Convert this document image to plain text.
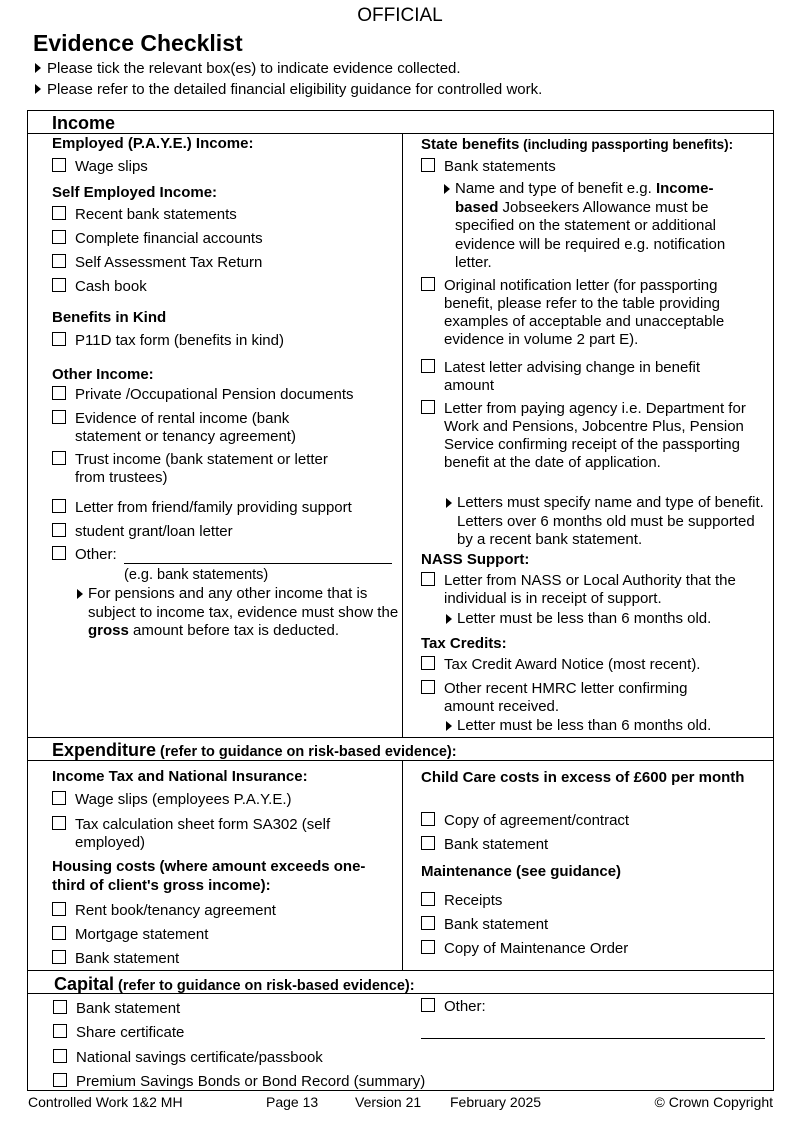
OFFICIAL
Evidence Checklist
Please tick the relevant box(es) to indicate evidence collected.
Please refer to the detailed financial eligibility guidance for controlled work.
Income
Employed (P.A.Y.E.) Income:
Wage slips
Self Employed Income:
Recent bank statements
Complete financial accounts
Self Assessment Tax Return
Cash book
Benefits in Kind
P11D tax form (benefits in kind)
Other Income:
Private /Occupational Pension documents
Evidence of rental income (bank statement or tenancy agreement)
Trust income (bank statement or letter from trustees)
Letter from friend/family providing support
student grant/loan letter
Other:
(e.g. bank statements)
For pensions and any other income that is subject to income tax, evidence must show the gross amount before tax is deducted.
State benefits (including passporting benefits):
Bank statements
Name and type of benefit e.g. Income-based Jobseekers Allowance must be specified on the statement or additional evidence will be required e.g. notification letter.
Original notification letter (for passporting benefit, please refer to the table providing examples of acceptable and unacceptable evidence in volume 2 part E).
Latest letter advising change in benefit amount
Letter from paying agency i.e. Department for Work and Pensions, Jobcentre Plus, Pension Service confirming receipt of the passporting benefit at the date of application.
Letters must specify name and type of benefit. Letters over 6 months old must be supported by a recent bank statement.
NASS Support:
Letter from NASS or Local Authority that the individual is in receipt of support.
Letter must be less than 6 months old.
Tax Credits:
Tax Credit Award Notice (most recent).
Other recent HMRC letter confirming amount received.
Letter must be less than 6 months old.
Expenditure (refer to guidance on risk-based evidence):
Income Tax and National Insurance:
Wage slips (employees P.A.Y.E.)
Tax calculation sheet form SA302 (self employed)
Housing costs (where amount exceeds one-third of client's gross income):
Rent book/tenancy agreement
Mortgage statement
Bank statement
Child Care costs in excess of £600 per month
Copy of agreement/contract
Bank statement
Maintenance (see guidance)
Receipts
Bank statement
Copy of Maintenance Order
Capital (refer to guidance on risk-based evidence):
Bank statement
Share certificate
National savings certificate/passbook
Premium Savings Bonds or Bond Record (summary)
Other:
Controlled Work 1&2 MH	Page 13	Version 21 February 2025	© Crown Copyright
